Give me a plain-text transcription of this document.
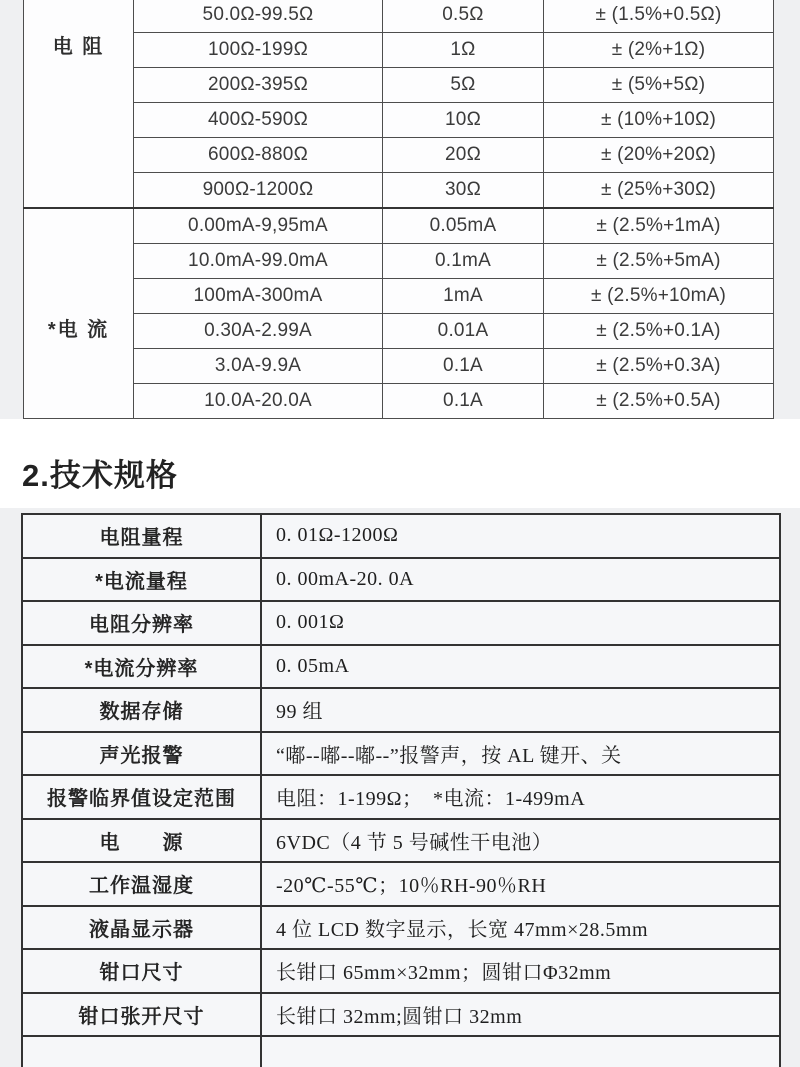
电 阻	50.0Ω-99.5Ω	0.5Ω	± (1.5%+0.5Ω)
	100Ω-199Ω	1Ω	± (2%+1Ω)
	200Ω-395Ω	5Ω	± (5%+5Ω)
	400Ω-590Ω	10Ω	± (10%+10Ω)
	600Ω-880Ω	20Ω	± (20%+20Ω)
	900Ω-1200Ω	30Ω	± (25%+30Ω)
*电 流	0.00mA-9,95mA	0.05mA	± (2.5%+1mA)
	10.0mA-99.0mA	0.1mA	± (2.5%+5mA)
	100mA-300mA	1mA	± (2.5%+10mA)
	0.30A-2.99A	0.01A	± (2.5%+0.1A)
	3.0A-9.9A	0.1A	± (2.5%+0.3A)
	10.0A-20.0A	0.1A	± (2.5%+0.5A)
2.技术规格
电阻量程	0. 01Ω-1200Ω
*电流量程	0. 00mA-20. 0A
电阻分辨率	0. 001Ω
*电流分辨率	0. 05mA
数据存储	99 组
声光报警	“嘟--嘟--嘟--”报警声，按 AL 键开、关
报警临界值设定范围	电阻：1-199Ω；　*电流：1-499mA
电　　源	6VDC（4 节 5 号碱性干电池）
工作温湿度	-20℃-55℃；10％RH-90％RH
液晶显示器	4 位 LCD 数字显示，长宽 47mm×28.5mm
钳口尺寸	长钳口 65mm×32mm；圆钳口Φ32mm
钳口张开尺寸	长钳口 32mm;圆钳口 32mm
